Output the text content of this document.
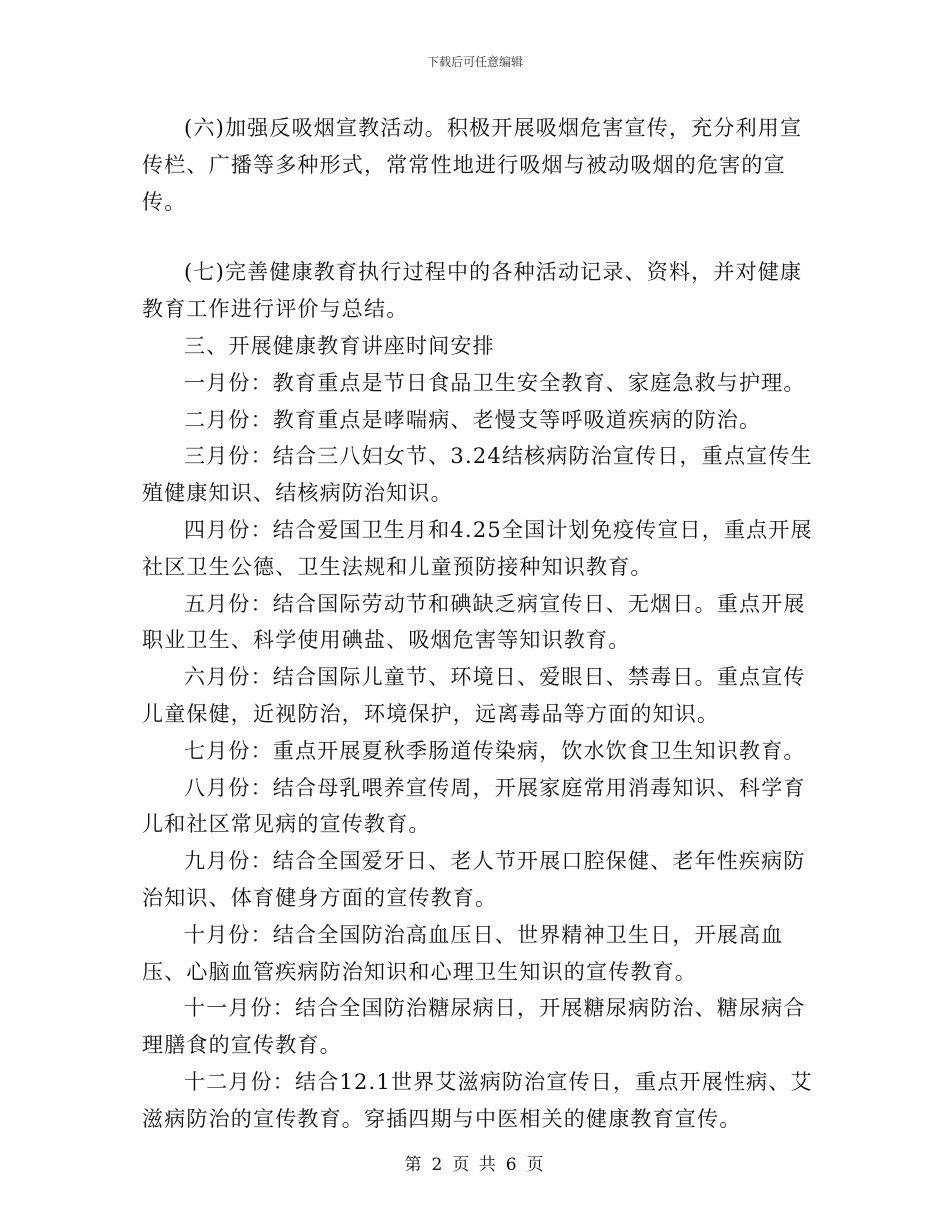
下载后可任意编辑

(六)加强反吸烟宣教活动。积极开展吸烟危害宣传，充分利用宣传栏、广播等多种形式，常常性地进行吸烟与被动吸烟的危害的宣传。

(七)完善健康教育执行过程中的各种活动记录、资料，并对健康教育工作进行评价与总结。

三、开展健康教育讲座时间安排

一月份：教育重点是节日食品卫生安全教育、家庭急救与护理。

二月份：教育重点是哮喘病、老慢支等呼吸道疾病的防治。

三月份：结合三八妇女节、3.24结核病防治宣传日，重点宣传生殖健康知识、结核病防治知识。

四月份：结合爱国卫生月和4.25全国计划免疫传宣日，重点开展社区卫生公德、卫生法规和儿童预防接种知识教育。

五月份：结合国际劳动节和碘缺乏病宣传日、无烟日。重点开展职业卫生、科学使用碘盐、吸烟危害等知识教育。

六月份：结合国际儿童节、环境日、爱眼日、禁毒日。重点宣传儿童保健，近视防治，环境保护，远离毒品等方面的知识。

七月份：重点开展夏秋季肠道传染病，饮水饮食卫生知识教育。

八月份：结合母乳喂养宣传周，开展家庭常用消毒知识、科学育儿和社区常见病的宣传教育。

九月份：结合全国爱牙日、老人节开展口腔保健、老年性疾病防治知识、体育健身方面的宣传教育。

十月份：结合全国防治高血压日、世界精神卫生日，开展高血压、心脑血管疾病防治知识和心理卫生知识的宣传教育。

十一月份：结合全国防治糖尿病日，开展糖尿病防治、糖尿病合理膳食的宣传教育。

十二月份：结合12.1世界艾滋病防治宣传日，重点开展性病、艾滋病防治的宣传教育。穿插四期与中医相关的健康教育宣传。

第 2 页 共 6 页
